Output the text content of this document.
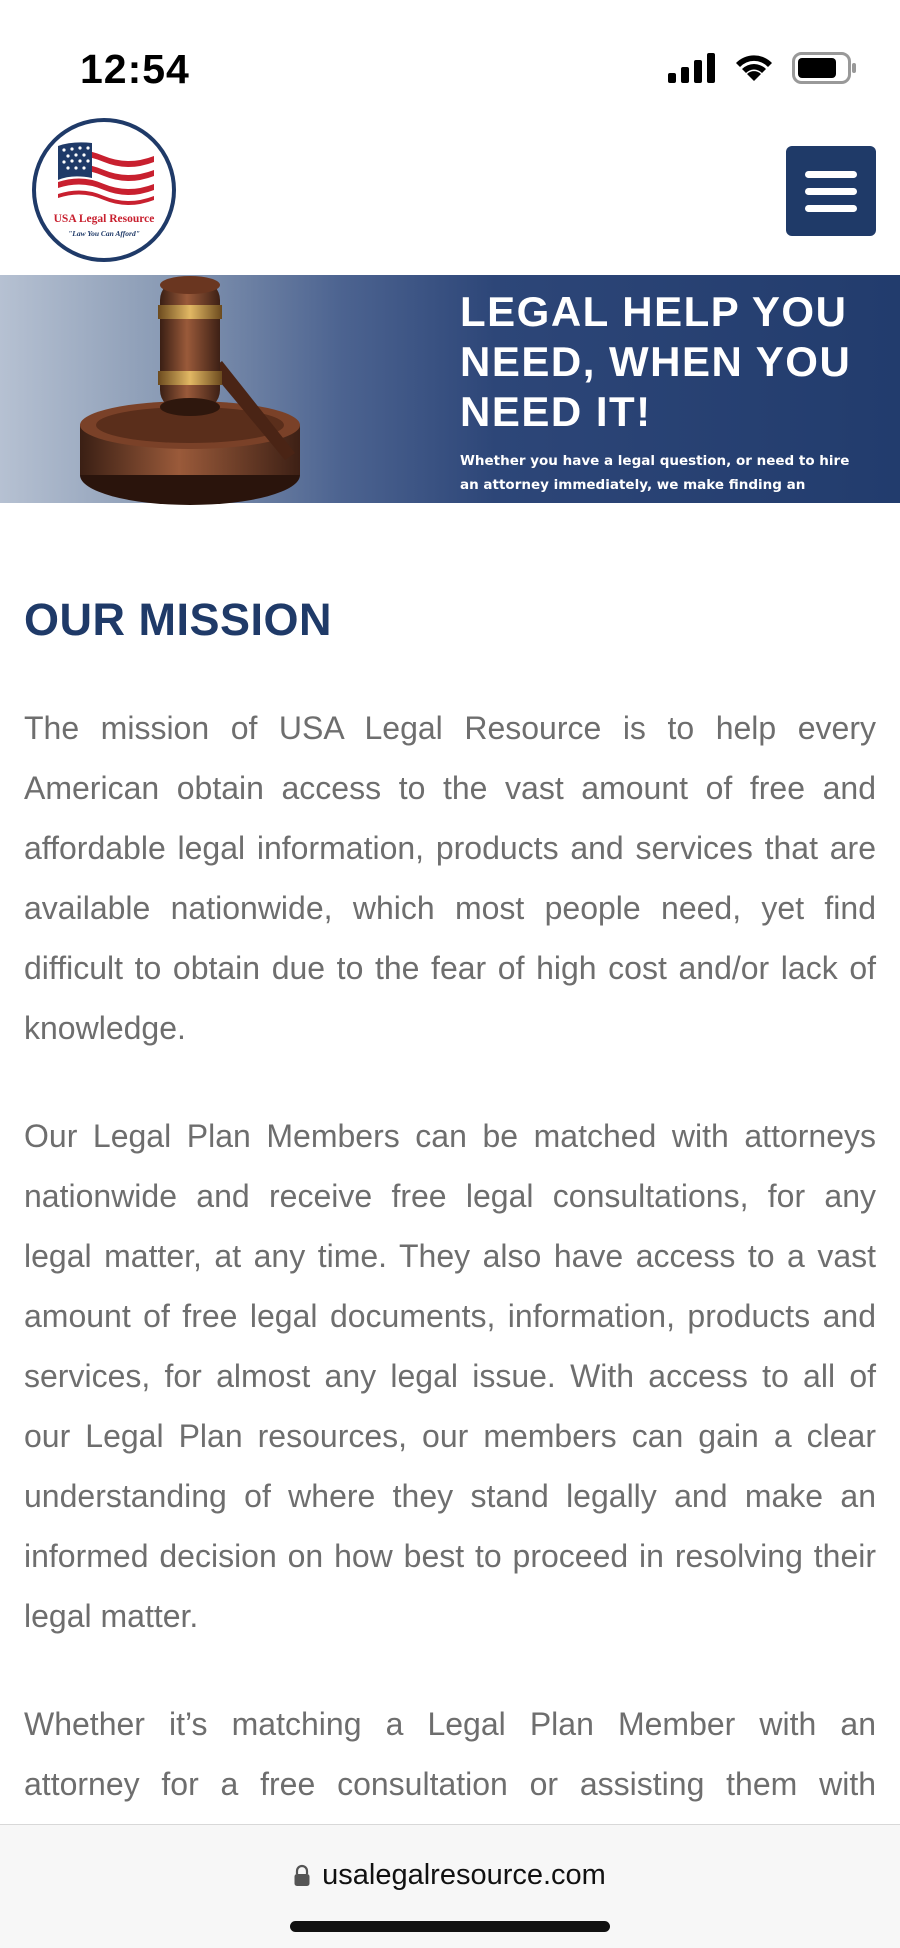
12:54
USA Legal Resource
"Law You Can Afford"
LEGAL HELP YOU
NEED, WHEN YOU
NEED IT!
Whether you have a legal question, or need to hire an attorney immediately, we make finding an attorney easy!
OUR MISSION

The mission of USA Legal Resource is to help every American obtain access to the vast amount of free and affordable legal information, products and services that are available nationwide, which most people need, yet find difficult to obtain due to the fear of high cost and/or lack of knowledge.

Our Legal Plan Members can be matched with attorneys nationwide and receive free legal consultations, for any legal matter, at any time. They also have access to a vast amount of free legal documents, information, products and services, for almost any legal issue. With access to all of our Legal Plan resources, our members can gain a clear understanding of where they stand legally and make an informed decision on how best to proceed in resolving their legal matter.

Whether it’s matching a Legal Plan Member with an attorney for a free consultation or assisting them with

usalegalresource.com
